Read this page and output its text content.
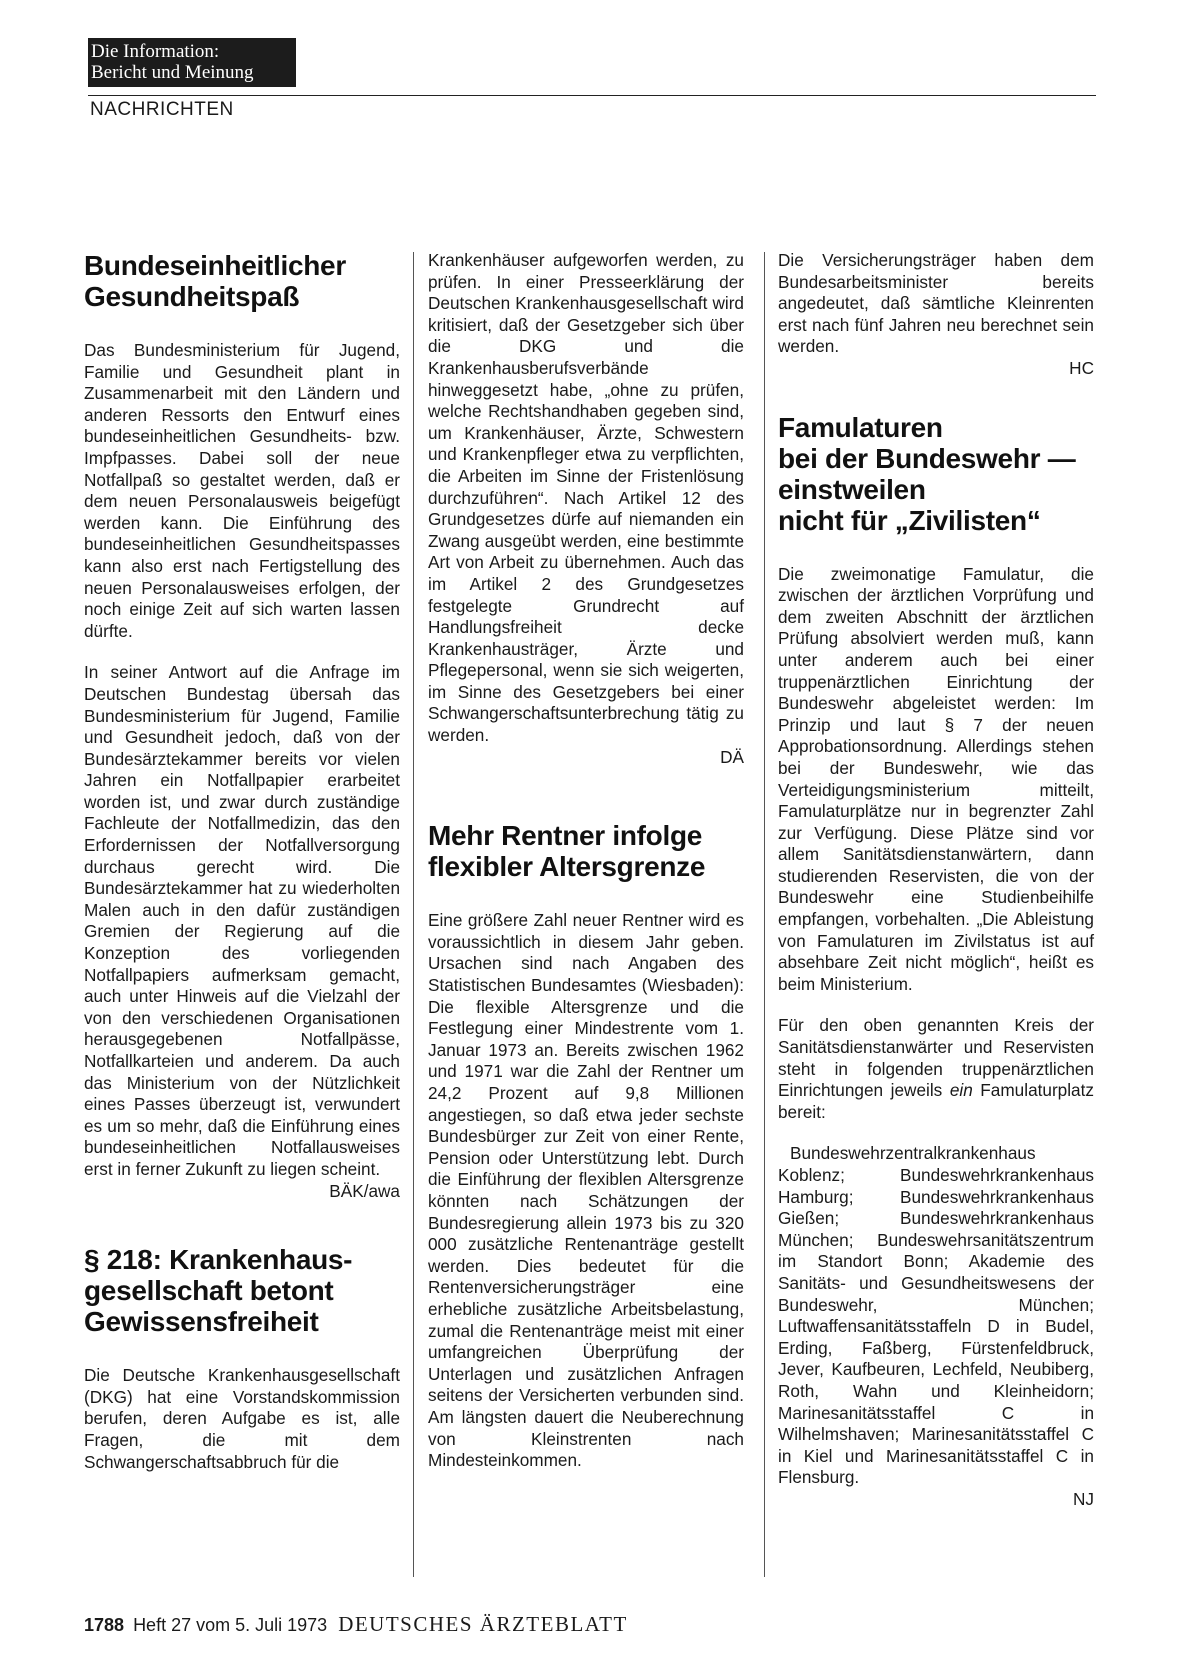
Die Information:
Bericht und Meinung
NACHRICHTEN
Bundeseinheitlicher
Gesundheitspaß

Das Bundesministerium für Jugend, Familie und Gesundheit plant in Zusammenarbeit mit den Ländern und anderen Ressorts den Entwurf eines bundeseinheitlichen Gesundheits- bzw. Impfpasses. Dabei soll der neue Notfallpaß so gestaltet werden, daß er dem neuen Personalausweis beigefügt werden kann. Die Einführung des bundeseinheitlichen Gesundheitspasses kann also erst nach Fertigstellung des neuen Personalausweises erfolgen, der noch einige Zeit auf sich warten lassen dürfte.

In seiner Antwort auf die Anfrage im Deutschen Bundestag übersah das Bundesministerium für Jugend, Familie und Gesundheit jedoch, daß von der Bundesärztekammer bereits vor vielen Jahren ein Notfallpapier erarbeitet worden ist, und zwar durch zuständige Fachleute der Notfallmedizin, das den Erfordernissen der Notfallversorgung durchaus gerecht wird. Die Bundesärztekammer hat zu wiederholten Malen auch in den dafür zuständigen Gremien der Regierung auf die Konzeption des vorliegenden Notfallpapiers aufmerksam gemacht, auch unter Hinweis auf die Vielzahl der von den verschiedenen Organisationen herausgegebenen Notfallpässe, Notfallkarteien und anderem. Da auch das Ministerium von der Nützlichkeit eines Passes überzeugt ist, verwundert es um so mehr, daß die Einführung eines bundeseinheitlichen Notfallausweises erst in ferner Zukunft zu liegen scheint.

BÄK/awa

§ 218: Krankenhaus-
gesellschaft betont
Gewissensfreiheit

Die Deutsche Krankenhausgesellschaft (DKG) hat eine Vorstandskommission berufen, deren Aufgabe es ist, alle Fragen, die mit dem Schwangerschaftsabbruch für die

Krankenhäuser aufgeworfen werden, zu prüfen. In einer Presseerklärung der Deutschen Krankenhausgesellschaft wird kritisiert, daß der Gesetzgeber sich über die DKG und die Krankenhausberufsverbände hinweggesetzt habe, „ohne zu prüfen, welche Rechtshandhaben gegeben sind, um Krankenhäuser, Ärzte, Schwestern und Krankenpfleger etwa zu verpflichten, die Arbeiten im Sinne der Fristenlösung durchzuführen“. Nach Artikel 12 des Grundgesetzes dürfe auf niemanden ein Zwang ausgeübt werden, eine bestimmte Art von Arbeit zu übernehmen. Auch das im Artikel 2 des Grundgesetzes festgelegte Grundrecht auf Handlungsfreiheit decke Krankenhausträger, Ärzte und Pflegepersonal, wenn sie sich weigerten, im Sinne des Gesetzgebers bei einer Schwangerschaftsunterbrechung tätig zu werden.

DÄ

Mehr Rentner infolge
flexibler Altersgrenze

Eine größere Zahl neuer Rentner wird es voraussichtlich in diesem Jahr geben. Ursachen sind nach Angaben des Statistischen Bundesamtes (Wiesbaden): Die flexible Altersgrenze und die Festlegung einer Mindestrente vom 1. Januar 1973 an. Bereits zwischen 1962 und 1971 war die Zahl der Rentner um 24,2 Prozent auf 9,8 Millionen angestiegen, so daß etwa jeder sechste Bundesbürger zur Zeit von einer Rente, Pension oder Unterstützung lebt. Durch die Einführung der flexiblen Altersgrenze könnten nach Schätzungen der Bundesregierung allein 1973 bis zu 320 000 zusätzliche Rentenanträge gestellt werden. Dies bedeutet für die Rentenversicherungsträger eine erhebliche zusätzliche Arbeitsbelastung, zumal die Rentenanträge meist mit einer umfangreichen Überprüfung der Unterlagen und zusätzlichen Anfragen seitens der Versicherten verbunden sind. Am längsten dauert die Neuberechnung von Kleinstrenten nach Mindesteinkommen.

Die Versicherungsträger haben dem Bundesarbeitsminister bereits angedeutet, daß sämtliche Kleinrenten erst nach fünf Jahren neu berechnet sein werden.

HC

Famulaturen
bei der Bundeswehr —
einstweilen
nicht für „Zivilisten“

Die zweimonatige Famulatur, die zwischen der ärztlichen Vorprüfung und dem zweiten Abschnitt der ärztlichen Prüfung absolviert werden muß, kann unter anderem auch bei einer truppenärztlichen Einrichtung der Bundeswehr abgeleistet werden: Im Prinzip und laut § 7 der neuen Approbationsordnung. Allerdings stehen bei der Bundeswehr, wie das Verteidigungsministerium mitteilt, Famulaturplätze nur in begrenzter Zahl zur Verfügung. Diese Plätze sind vor allem Sanitätsdienstanwärtern, dann studierenden Reservisten, die von der Bundeswehr eine Studienbeihilfe empfangen, vorbehalten. „Die Ableistung von Famulaturen im Zivilstatus ist auf absehbare Zeit nicht möglich“, heißt es beim Ministerium.

Für den oben genannten Kreis der Sanitätsdienstanwärter und Reservisten steht in folgenden truppenärztlichen Einrichtungen jeweils ein Famulaturplatz bereit:

Bundeswehrzentralkrankenhaus Koblenz; Bundeswehrkrankenhaus Hamburg; Bundeswehrkrankenhaus Gießen; Bundeswehrkrankenhaus München; Bundeswehrsanitätszentrum im Standort Bonn; Akademie des Sanitäts- und Gesundheitswesens der Bundeswehr, München; Luftwaffensanitätsstaffeln D in Budel, Erding, Faßberg, Fürstenfeldbruck, Jever, Kaufbeuren, Lechfeld, Neubiberg, Roth, Wahn und Kleinheidorn; Marinesanitätsstaffel C in Wilhelmshaven; Marinesanitätsstaffel C in Kiel und Marinesanitätsstaffel C in Flensburg.

NJ

1788 Heft 27 vom 5. Juli 1973 DEUTSCHES ÄRZTEBLATT
